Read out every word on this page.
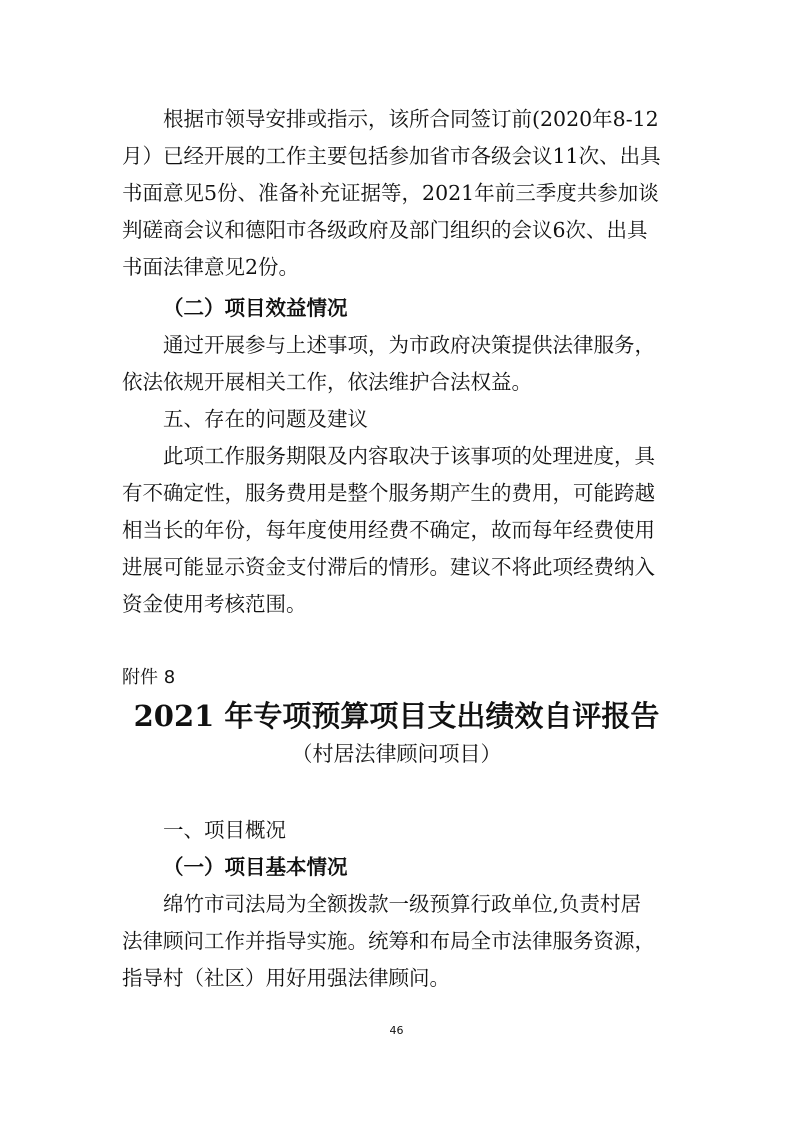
根据市领导安排或指示，该所合同签订前(2020年8-12
月）已经开展的工作主要包括参加省市各级会议11次、出具
书面意见5份、准备补充证据等，2021年前三季度共参加谈
判磋商会议和德阳市各级政府及部门组织的会议6次、出具
书面法律意见2份。
（二）项目效益情况
通过开展参与上述事项，为市政府决策提供法律服务，
依法依规开展相关工作，依法维护合法权益。
五、存在的问题及建议
此项工作服务期限及内容取决于该事项的处理进度，具
有不确定性，服务费用是整个服务期产生的费用，可能跨越
相当长的年份，每年度使用经费不确定，故而每年经费使用
进展可能显示资金支付滞后的情形。建议不将此项经费纳入
资金使用考核范围。
附件 8
2021 年专项预算项目支出绩效自评报告
（村居法律顾问项目）
一、项目概况
（一）项目基本情况
绵竹市司法局为全额拨款一级预算行政单位,负责村居
法律顾问工作并指导实施。统筹和布局全市法律服务资源，
指导村（社区）用好用强法律顾问。
46
